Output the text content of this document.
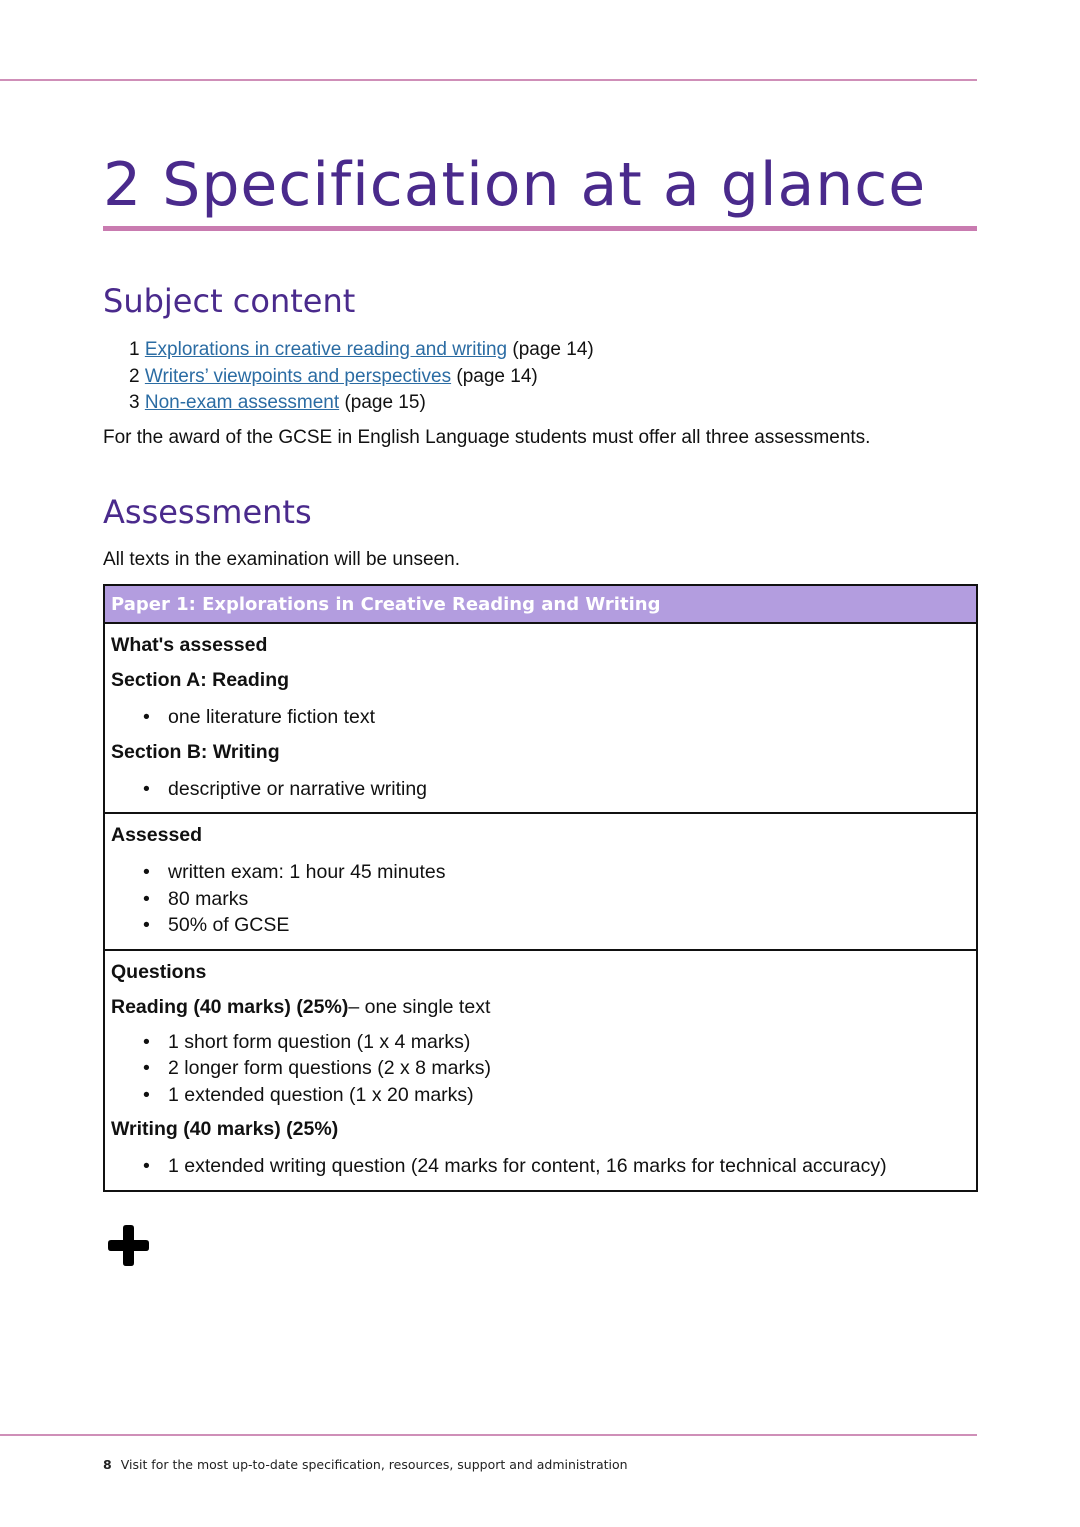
2 Specification at a glance
Subject content
1 Explorations in creative reading and writing (page 14)
2 Writers’ viewpoints and perspectives (page 14)
3 Non-exam assessment (page 15)
For the award of the GCSE in English Language students must offer all three assessments.
Assessments
All texts in the examination will be unseen.
Paper 1: Explorations in Creative Reading and Writing

What's assessed
Section A: Reading
• one literature fiction text
Section B: Writing
• descriptive or narrative writing

Assessed
• written exam: 1 hour 45 minutes
• 80 marks
• 50% of GCSE

Questions
Reading (40 marks) (25%)– one single text
• 1 short form question (1 x 4 marks)
• 2 longer form questions (2 x 8 marks)
• 1 extended question (1 x 20 marks)
Writing (40 marks) (25%)
• 1 extended writing question (24 marks for content, 16 marks for technical accuracy)
8 Visit for the most up-to-date specification, resources, support and administration
